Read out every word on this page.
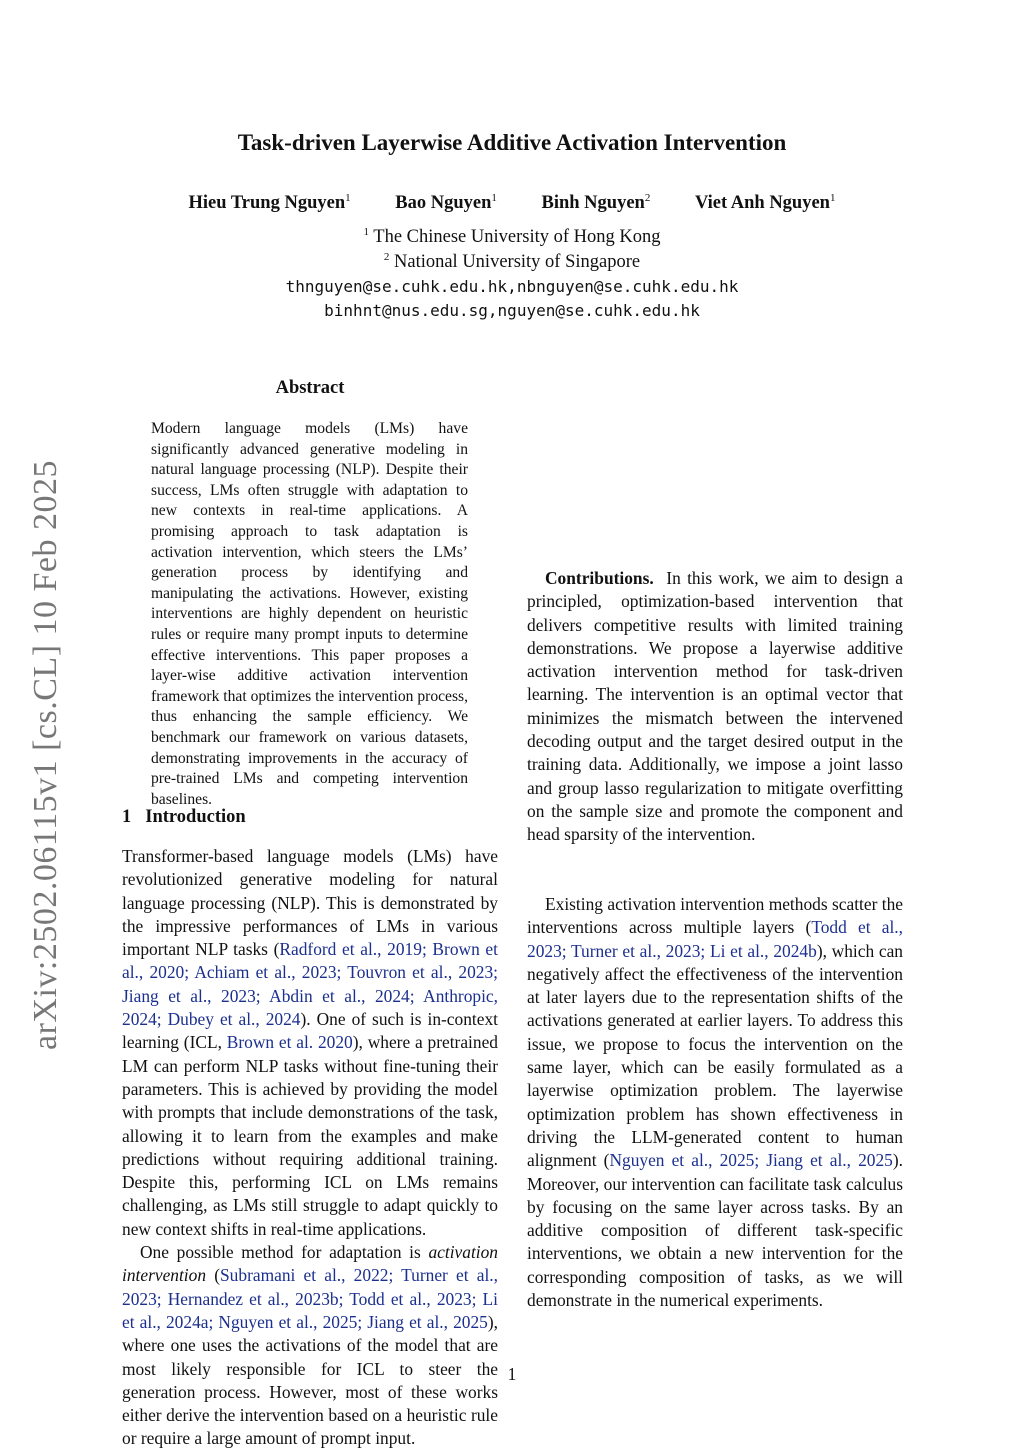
arXiv:2502.06115v1 [cs.CL] 10 Feb 2025
Task-driven Layerwise Additive Activation Intervention
Hieu Trung Nguyen$^1$ Bao Nguyen$^1$ Binh Nguyen$^2$ Viet Anh Nguyen$^1$
$^1$ The Chinese University of Hong Kong
$^2$ National University of Singapore
thnguyen@se.cuhk.edu.hk,nbnguyen@se.cuhk.edu.hk
binhnt@nus.edu.sg,nguyen@se.cuhk.edu.hk
Abstract

Modern language models (LMs) have significantly advanced generative modeling in natural language processing (NLP). Despite their success, LMs often struggle with adaptation to new contexts in real-time applications. A promising approach to task adaptation is activation intervention, which steers the LMs’ generation process by identifying and manipulating the activations. However, existing interventions are highly dependent on heuristic rules or require many prompt inputs to determine effective interventions. This paper proposes a layer-wise additive activation intervention framework that optimizes the intervention process, thus enhancing the sample efficiency. We benchmark our framework on various datasets, demonstrating improvements in the accuracy of pre-trained LMs and competing intervention baselines.

1 Introduction

Transformer-based language models (LMs) have revolutionized generative modeling for natural language processing (NLP). This is demonstrated by the impressive performances of LMs in various important NLP tasks (Radford et al., 2019; Brown et al., 2020; Achiam et al., 2023; Touvron et al., 2023; Jiang et al., 2023; Abdin et al., 2024; Anthropic, 2024; Dubey et al., 2024). One of such is in-context learning (ICL, Brown et al. 2020), where a pretrained LM can perform NLP tasks without fine-tuning their parameters. This is achieved by providing the model with prompts that include demonstrations of the task, allowing it to learn from the examples and make predictions without requiring additional training. Despite this, performing ICL on LMs remains challenging, as LMs still struggle to adapt quickly to new context shifts in real-time applications.

One possible method for adaptation is activation intervention (Subramani et al., 2022; Turner et al., 2023; Hernandez et al., 2023b; Todd et al., 2023; Li et al., 2024a; Nguyen et al., 2025; Jiang et al., 2025), where one uses the activations of the model that are most likely responsible for ICL to steer the generation process. However, most of these works either derive the intervention based on a heuristic rule or require a large amount of prompt input.

Contributions. In this work, we aim to design a principled, optimization-based intervention that delivers competitive results with limited training demonstrations. We propose a layerwise additive activation intervention method for task-driven learning. The intervention is an optimal vector that minimizes the mismatch between the intervened decoding output and the target desired output in the training data. Additionally, we impose a joint lasso and group lasso regularization to mitigate overfitting on the sample size and promote the component and head sparsity of the intervention.

Existing activation intervention methods scatter the interventions across multiple layers (Todd et al., 2023; Turner et al., 2023; Li et al., 2024b), which can negatively affect the effectiveness of the intervention at later layers due to the representation shifts of the activations generated at earlier layers. To address this issue, we propose to focus the intervention on the same layer, which can be easily formulated as a layerwise optimization problem. The layerwise optimization problem has shown effectiveness in driving the LLM-generated content to human alignment (Nguyen et al., 2025; Jiang et al., 2025). Moreover, our intervention can facilitate task calculus by focusing on the same layer across tasks. By an additive composition of different task-specific interventions, we obtain a new intervention for the corresponding composition of tasks, as we will demonstrate in the numerical experiments.

1
